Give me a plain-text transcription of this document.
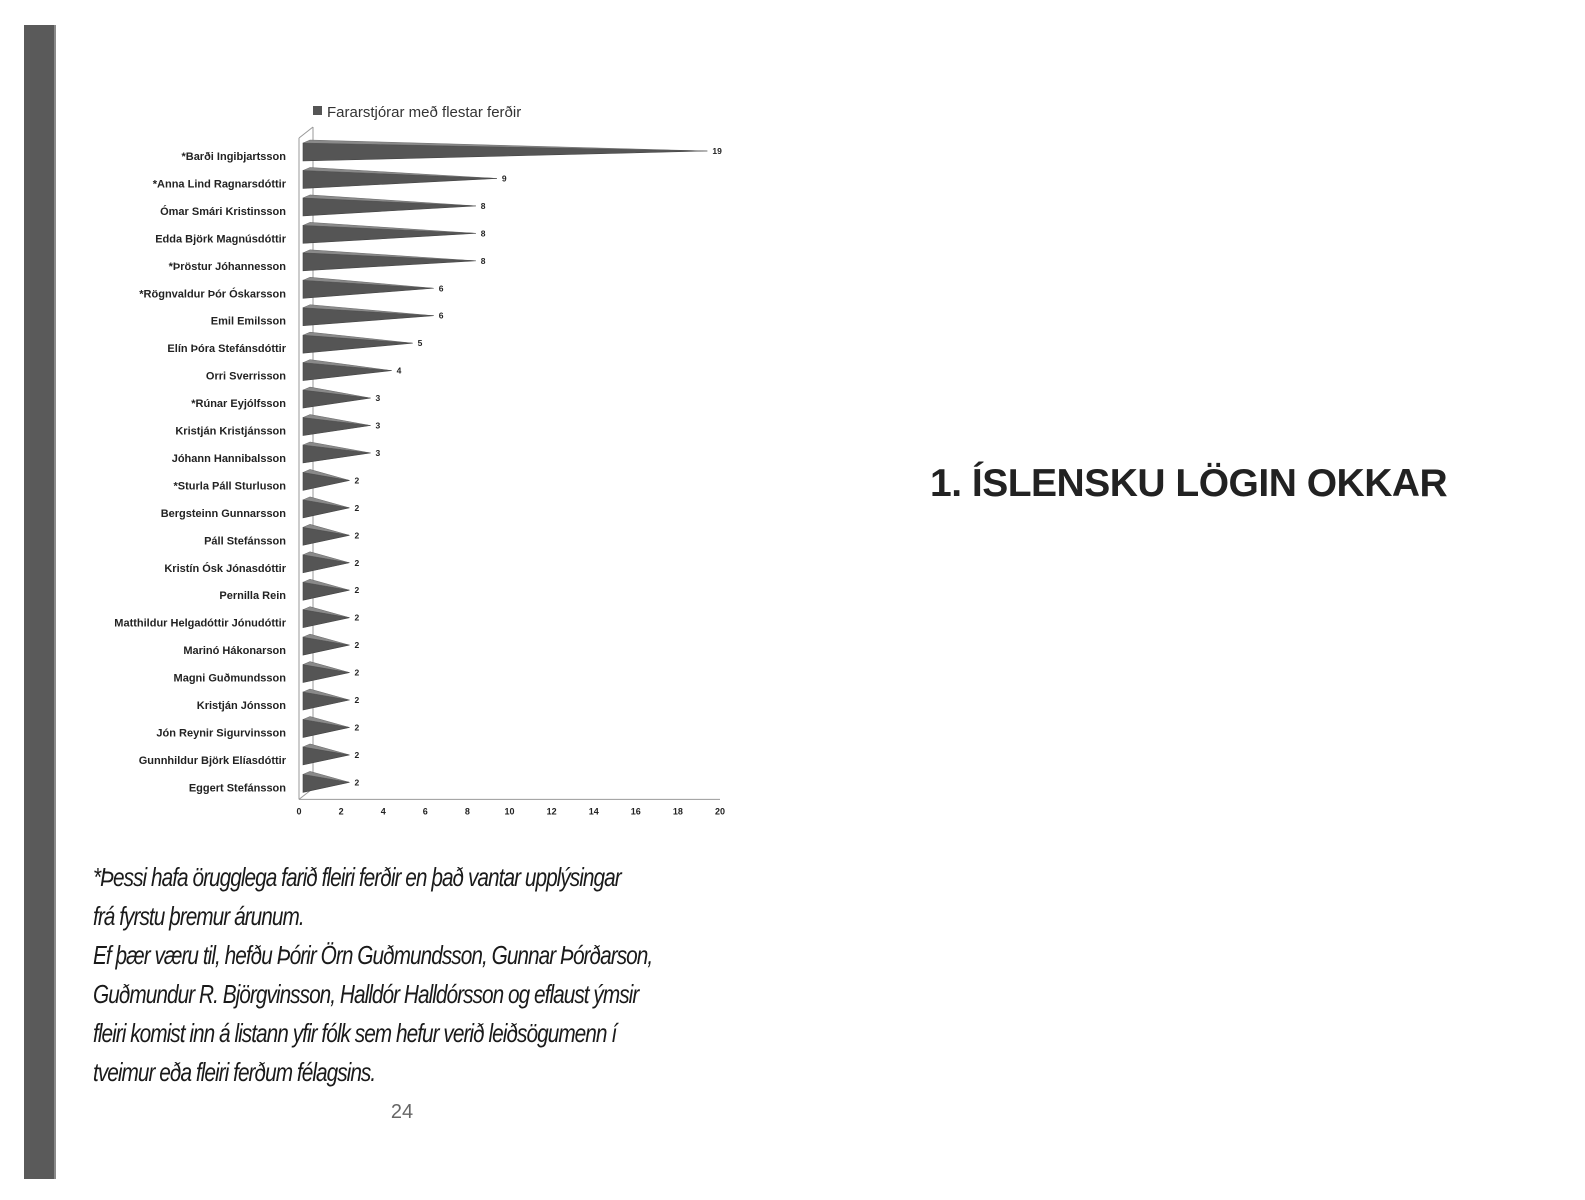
Fararstjórar með flestar ferðir
*Barði Ingibjartsson
*Anna Lind Ragnarsdóttir
Ómar Smári Kristinsson
Edda Björk Magnúsdóttir
*Þröstur Jóhannesson
*Rögnvaldur Þór Óskarsson
Emil Emilsson
Elín Þóra Stefánsdóttir
Orri Sverrisson
*Rúnar Eyjólfsson
Kristján Kristjánsson
Jóhann Hannibalsson
*Sturla Páll Sturluson
Bergsteinn Gunnarsson
Páll Stefánsson
Kristín Ósk Jónasdóttir
Pernilla Rein
Matthildur Helgadóttir Jónudóttir
Marinó Hákonarson
Magni Guðmundsson
Kristján Jónsson
Jón Reynir Sigurvinsson
Gunnhildur Björk Elíasdóttir
Eggert Stefánsson
19
9
8
8
8
6
6
5
4
3
3
3
2
2
2
2
2
2
2
2
2
2
2
2
0	2	4	6	8	10	12	14	16	18	20
*Þessi hafa örugglega farið fleiri ferðir en það vantar upplýsingar
frá fyrstu þremur árunum.
Ef þær væru til, hefðu Þórir Örn Guðmundsson, Gunnar Þórðarson,
Guðmundur R. Björgvinsson, Halldór Halldórsson og eflaust ýmsir
fleiri komist inn á listann yfir fólk sem hefur verið leiðsögumenn í
tveimur eða fleiri ferðum félagsins.
24
1. ÍSLENSKU LÖGIN OKKAR
